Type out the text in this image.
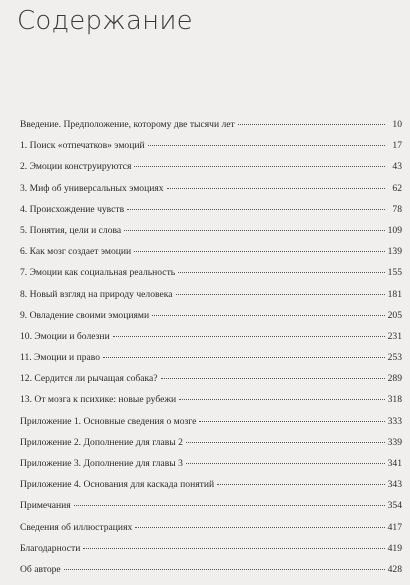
Содержание
Введение. Предположение, которому две тысячи лет	10
1. Поиск «отпечатков» эмоций	17
2. Эмоции конструируются	43
3. Миф об универсальных эмоциях	62
4. Происхождение чувств	78
5. Понятия, цели и слова	109
6. Как мозг создает эмоции	139
7. Эмоции как социальная реальность	155
8. Новый взгляд на природу человека	181
9. Овладение своими эмоциями	205
10. Эмоции и болезни	231
11. Эмоции и право	253
12. Сердится ли рычащая собака?	289
13. От мозга к психике: новые рубежи	318
Приложение 1. Основные сведения о мозге	333
Приложение 2. Дополнение для главы 2	339
Приложение 3. Дополнение для главы 3	341
Приложение 4. Основания для каскада понятий	343
Примечания	354
Сведения об иллюстрациях	417
Благодарности	419
Об авторе	428
